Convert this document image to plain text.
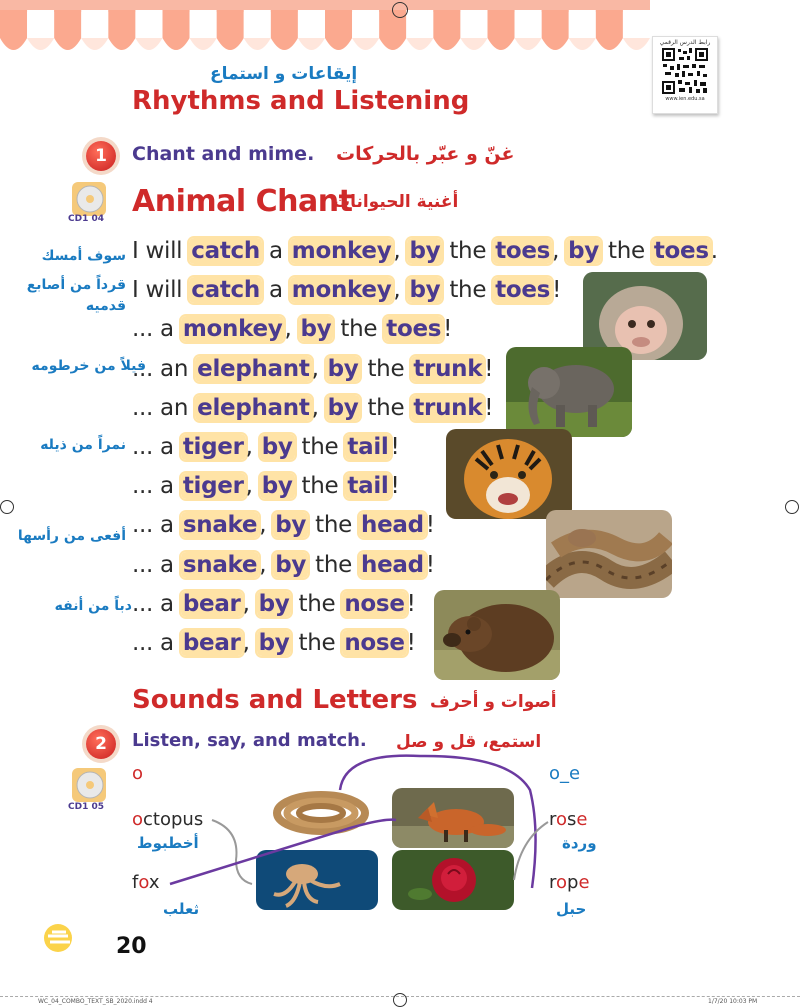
رابط الدرس الرقمي
www.ien.edu.sa
إيقاعات و استماع
Rhythms and Listening
1	Chant and mime. غنّ و عبّر بالحركات
CD1 04 Animal Chant
أغنية الحيوانات
I will catch a monkey, by the toes, by the toes.
I will catch a monkey, by the toes!
... a monkey, by the toes!
... an elephant, by the trunk!
... an elephant, by the trunk!
... a tiger, by the tail!
... a tiger, by the tail!
... a snake, by the head!
... a snake, by the head!
... a bear, by the nose!
... a bear, by the nose!
سوف أمسك
قرداً من أصابع
قدميه
فيلاً من خرطومه
نمراً من ذيله
أفعى من رأسها
دباً من أنفه
Sounds and Letters أصوات و أحرف
2	Listen, say, and match. استمع، قل و صل
CD1 05
o	o_e
octopus
أخطبوط
fox
ثعلب
rose
وردة
rope
حبل
20
WC_04_COMBO_TEXT_SB_2020.indd 4	1/7/20 10:03 PM
